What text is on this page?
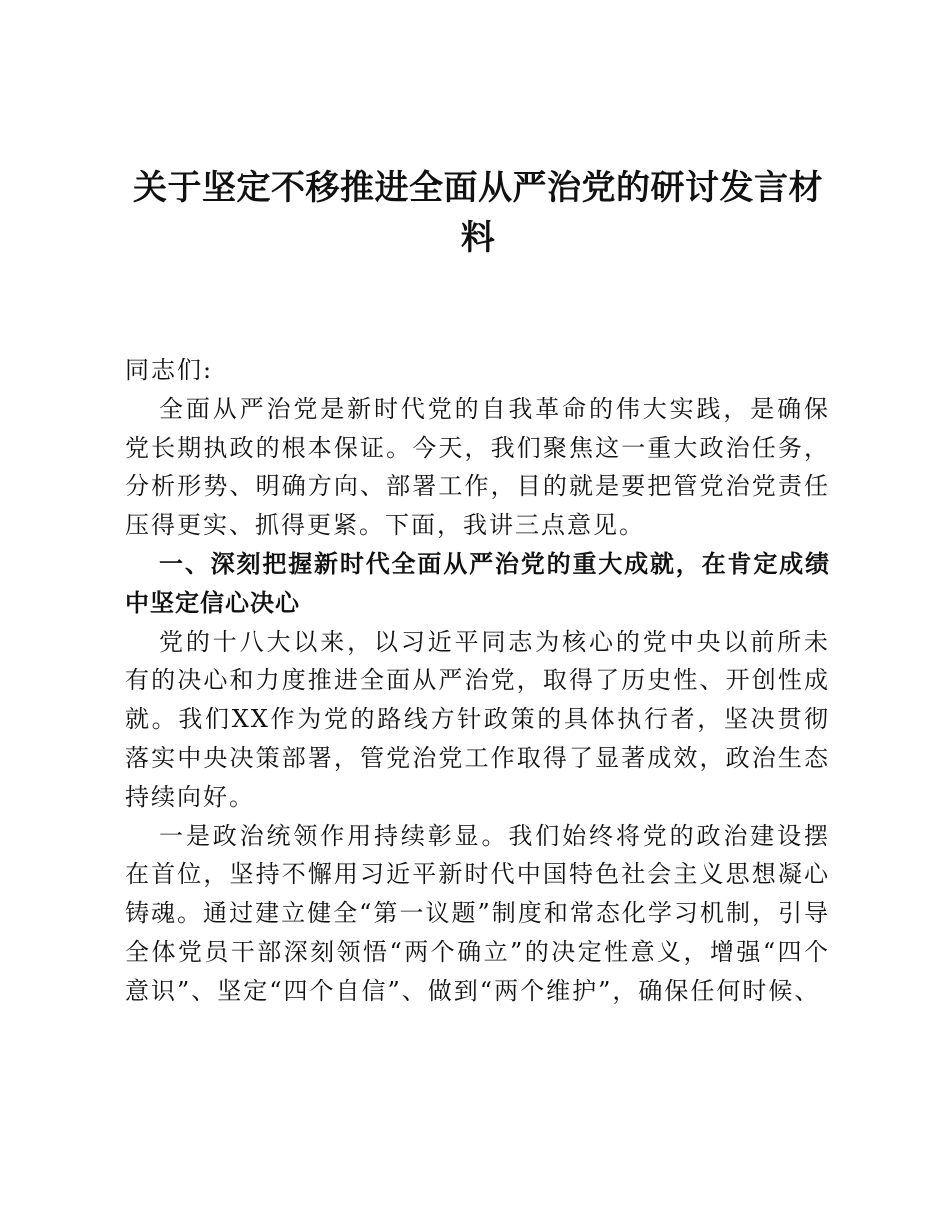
关于坚定不移推进全面从严治党的研讨发言材料

同志们:

全面从严治党是新时代党的自我革命的伟大实践，是确保党长期执政的根本保证。今天，我们聚焦这一重大政治任务，分析形势、明确方向、部署工作，目的就是要把管党治党责任压得更实、抓得更紧。下面，我讲三点意见。

一、深刻把握新时代全面从严治党的重大成就，在肯定成绩中坚定信心决心

党的十八大以来，以习近平同志为核心的党中央以前所未有的决心和力度推进全面从严治党，取得了历史性、开创性成就。我们XX作为党的路线方针政策的具体执行者，坚决贯彻落实中央决策部署，管党治党工作取得了显著成效，政治生态持续向好。

一是政治统领作用持续彰显。我们始终将党的政治建设摆在首位，坚持不懈用习近平新时代中国特色社会主义思想凝心铸魂。通过建立健全“第一议题”制度和常态化学习机制，引导全体党员干部深刻领悟“两个确立”的决定性意义，增强“四个意识”、坚定“四个自信”、做到“两个维护”，确保任何时候、
